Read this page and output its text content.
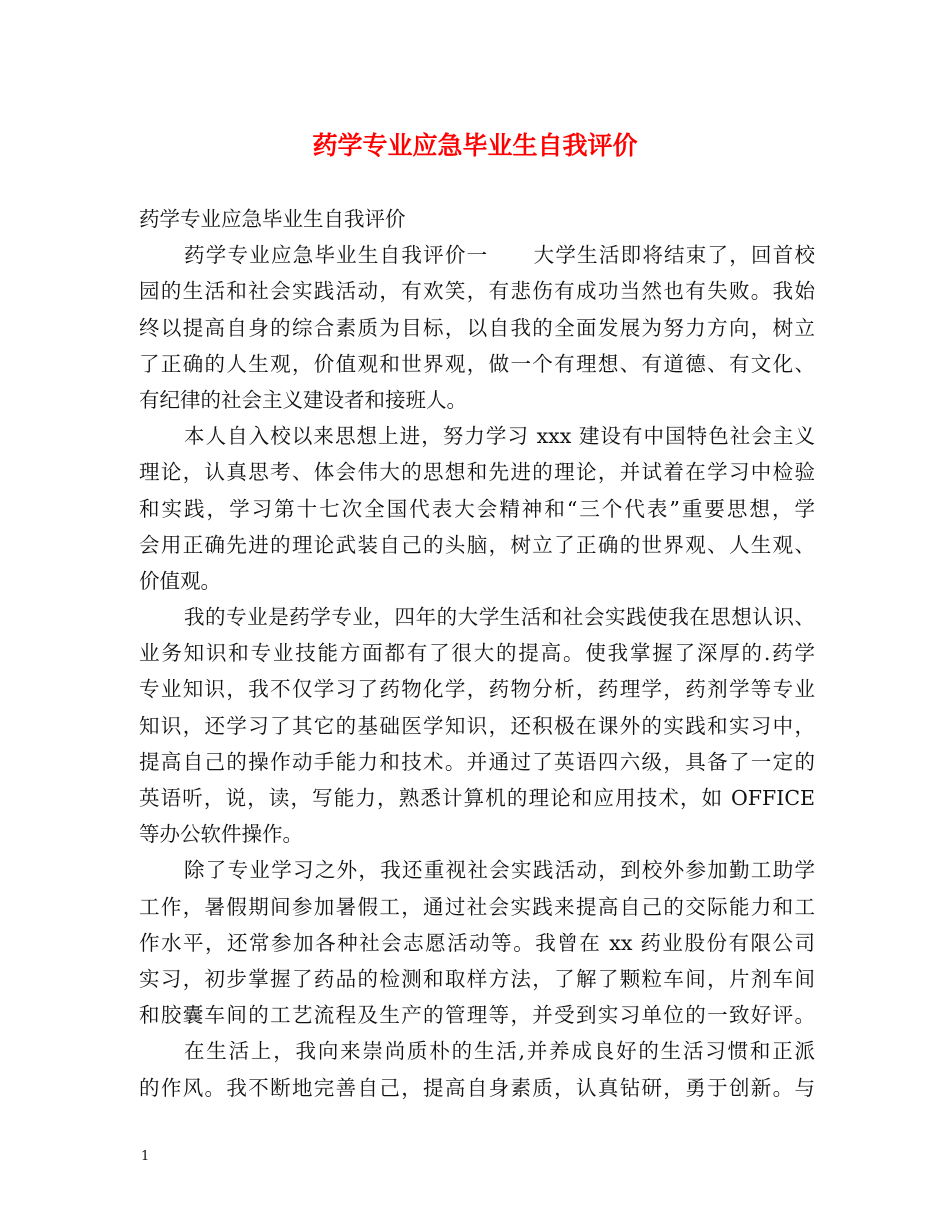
药学专业应急毕业生自我评价
药学专业应急毕业生自我评价
药学专业应急毕业生自我评价一 大学生活即将结束了，回首校
园的生活和社会实践活动，有欢笑，有悲伤有成功当然也有失败。我始
终以提高自身的综合素质为目标，以自我的全面发展为努力方向，树立
了正确的人生观，价值观和世界观，做一个有理想、有道德、有文化、
有纪律的社会主义建设者和接班人。
本人自入校以来思想上进，努力学习 xxx 建设有中国特色社会主义
理论，认真思考、体会伟大的思想和先进的理论，并试着在学习中检验
和实践，学习第十七次全国代表大会精神和“三个代表”重要思想，学
会用正确先进的理论武装自己的头脑，树立了正确的世界观、人生观、
价值观。
我的专业是药学专业，四年的大学生活和社会实践使我在思想认识、
业务知识和专业技能方面都有了很大的提高。使我掌握了深厚的.药学
专业知识，我不仅学习了药物化学，药物分析，药理学，药剂学等专业
知识，还学习了其它的基础医学知识，还积极在课外的实践和实习中，
提高自己的操作动手能力和技术。并通过了英语四六级，具备了一定的
英语听，说，读，写能力，熟悉计算机的理论和应用技术，如 OFFICE
等办公软件操作。
除了专业学习之外，我还重视社会实践活动，到校外参加勤工助学
工作，暑假期间参加暑假工，通过社会实践来提高自己的交际能力和工
作水平，还常参加各种社会志愿活动等。我曾在 xx 药业股份有限公司
实习，初步掌握了药品的检测和取样方法，了解了颗粒车间，片剂车间
和胶囊车间的工艺流程及生产的管理等，并受到实习单位的一致好评。
在生活上，我向来崇尚质朴的生活,并养成良好的生活习惯和正派
的作风。我不断地完善自己，提高自身素质，认真钻研，勇于创新。与
1
